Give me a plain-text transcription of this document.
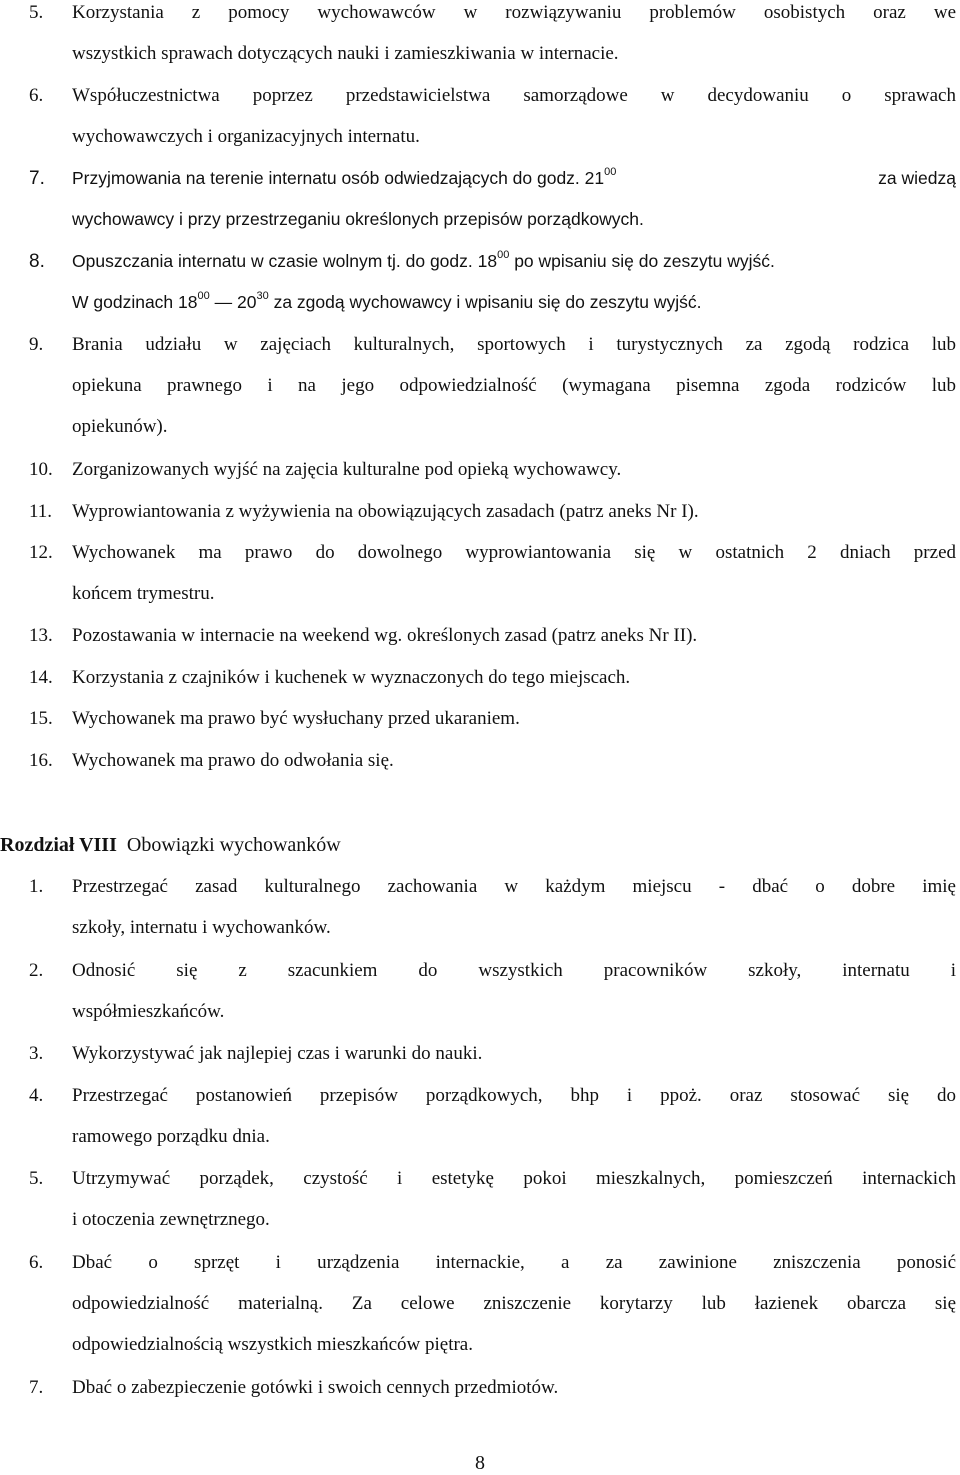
5. Korzystania z pomocy wychowawców w rozwiązywaniu problemów osobistych oraz we
wszystkich sprawach dotyczących nauki i zamieszkiwania w internacie.
6. Współuczestnictwa poprzez przedstawicielstwa samorządowe w decydowaniu o sprawach
wychowawczych i organizacyjnych internatu.
7. Przyjmowania na terenie internatu osób odwiedzających do godz. $21^{00}$	za wiedzą
wychowawcy i przy przestrzeganiu określonych przepisów porządkowych.
8. Opuszczania internatu w czasie wolnym tj. do godz. $18^{00}$ po wpisaniu się do zeszytu wyjść.
W godzinach $18^{00}$ — $20^{30}$ za zgodą wychowawcy i wpisaniu się do zeszytu wyjść.
9. Brania udziału w zajęciach kulturalnych, sportowych i turystycznych za zgodą rodzica lub
opiekuna prawnego i na jego odpowiedzialność (wymagana pisemna zgoda rodziców lub
opiekunów).
10. Zorganizowanych wyjść na zajęcia kulturalne pod opieką wychowawcy.
11. Wyprowiantowania z wyżywienia na obowiązujących zasadach (patrz aneks Nr I).
12. Wychowanek ma prawo do dowolnego wyprowiantowania się w ostatnich 2 dniach przed
końcem trymestru.
13. Pozostawania w internacie na weekend wg. określonych zasad (patrz aneks Nr II).
14. Korzystania z czajników i kuchenek w wyznaczonych do tego miejscach.
15. Wychowanek ma prawo być wysłuchany przed ukaraniem.
16. Wychowanek ma prawo do odwołania się.
Rozdział VIII Obowiązki wychowanków
1. Przestrzegać zasad kulturalnego zachowania w każdym miejscu - dbać o dobre imię
szkoły, internatu i wychowanków.
2. Odnosić się z szacunkiem do wszystkich pracowników szkoły, internatu i
współmieszkańców.
3. Wykorzystywać jak najlepiej czas i warunki do nauki.
4. Przestrzegać postanowień przepisów porządkowych, bhp i ppoż. oraz stosować się do
ramowego porządku dnia.
5. Utrzymywać porządek, czystość i estetykę pokoi mieszkalnych, pomieszczeń internackich
i otoczenia zewnętrznego.
6. Dbać o sprzęt i urządzenia internackie, a za zawinione zniszczenia ponosić
odpowiedzialność materialną. Za celowe zniszczenie korytarzy lub łazienek obarcza się
odpowiedzialnością wszystkich mieszkańców piętra.
7. Dbać o zabezpieczenie gotówki i swoich cennych przedmiotów.
8
